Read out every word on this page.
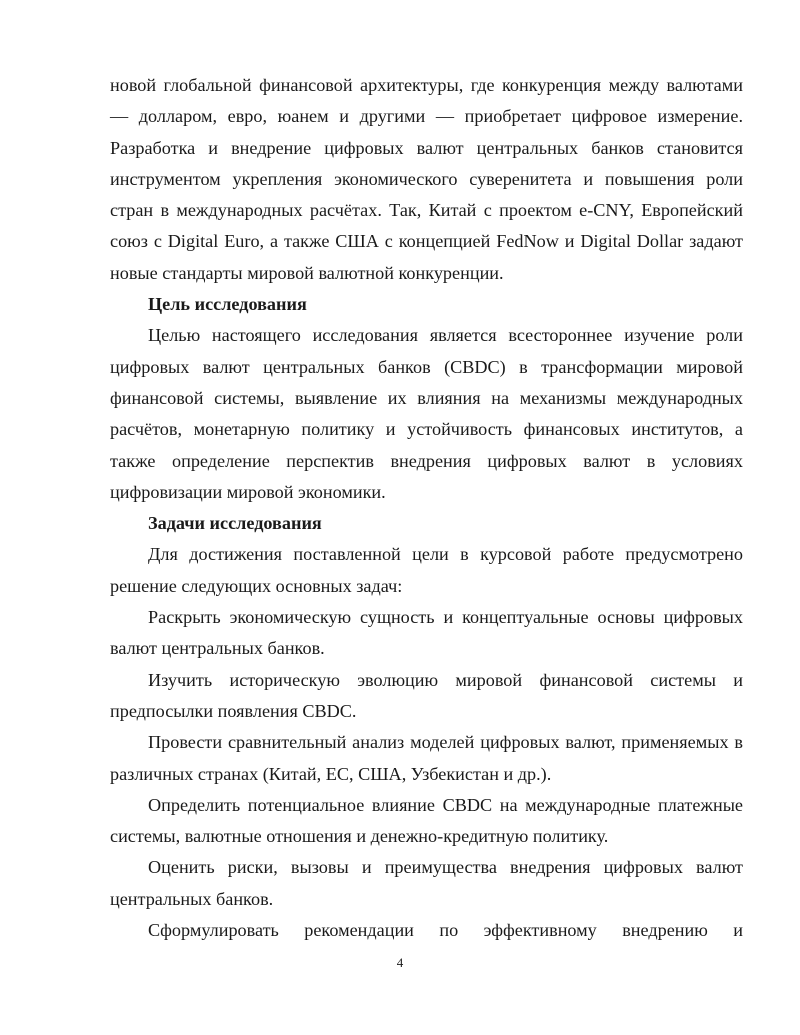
новой глобальной финансовой архитектуры, где конкуренция между валютами — долларом, евро, юанем и другими — приобретает цифровое измерение. Разработка и внедрение цифровых валют центральных банков становится инструментом укрепления экономического суверенитета и повышения роли стран в международных расчётах. Так, Китай с проектом e-CNY, Европейский союз с Digital Euro, а также США с концепцией FedNow и Digital Dollar задают новые стандарты мировой валютной конкуренции.

Цель исследования

Целью настоящего исследования является всестороннее изучение роли цифровых валют центральных банков (CBDC) в трансформации мировой финансовой системы, выявление их влияния на механизмы международных расчётов, монетарную политику и устойчивость финансовых институтов, а также определение перспектив внедрения цифровых валют в условиях цифровизации мировой экономики.

Задачи исследования

Для достижения поставленной цели в курсовой работе предусмотрено решение следующих основных задач:

Раскрыть экономическую сущность и концептуальные основы цифровых валют центральных банков.

Изучить историческую эволюцию мировой финансовой системы и предпосылки появления CBDC.

Провести сравнительный анализ моделей цифровых валют, применяемых в различных странах (Китай, ЕС, США, Узбекистан и др.).

Определить потенциальное влияние CBDC на международные платежные системы, валютные отношения и денежно-кредитную политику.

Оценить риски, вызовы и преимущества внедрения цифровых валют центральных банков.

Сформулировать рекомендации по эффективному внедрению и

4
